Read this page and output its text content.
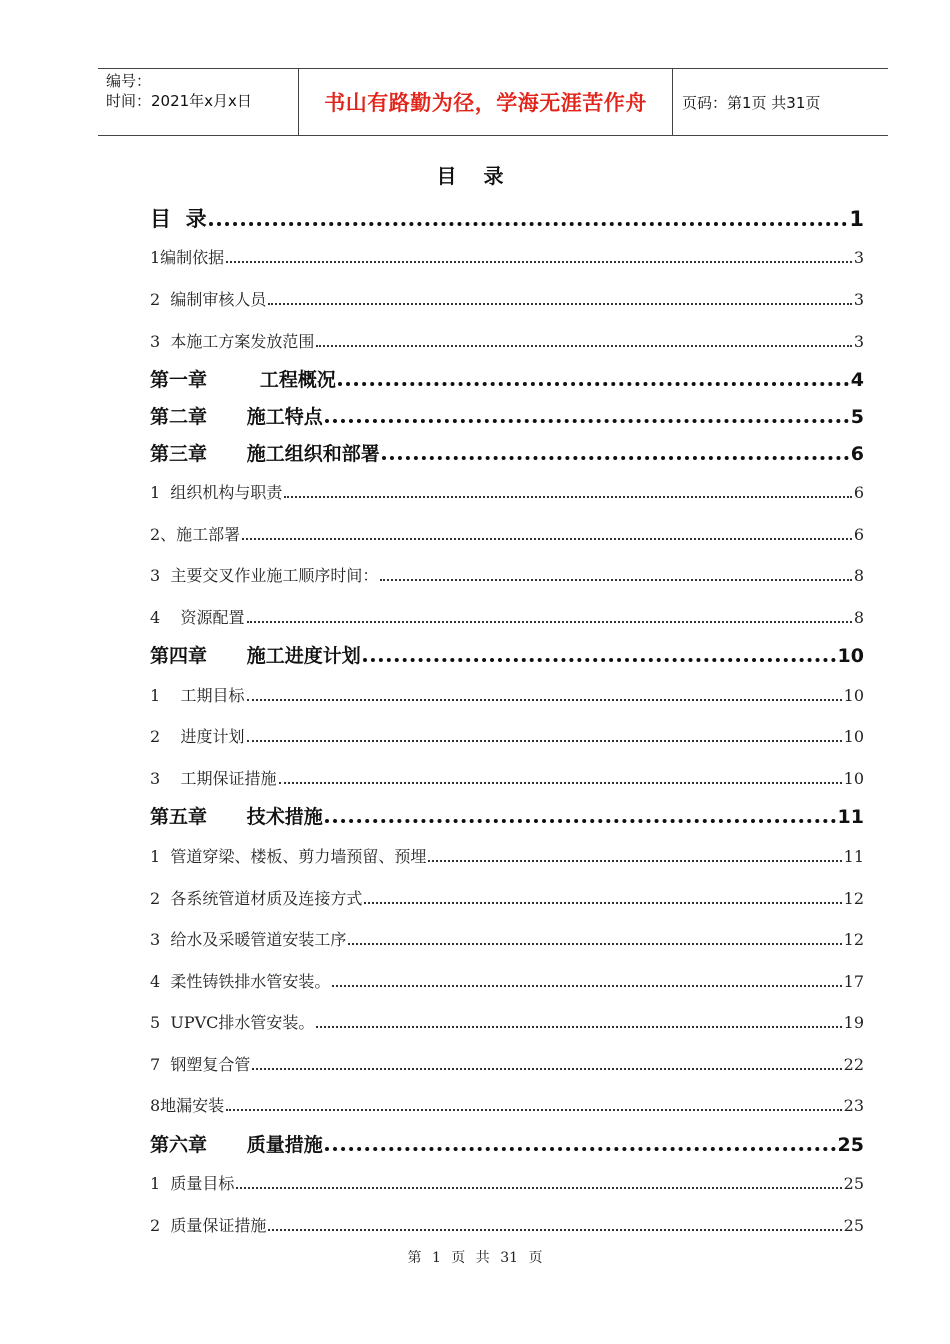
编号：
时间：2021年x月x日	书山有路勤为径，学海无涯苦作舟	页码：第1页 共31页
目 录
目  录	1
1编制依据	3
2  编制审核人员	3
3  本施工方案发放范围	3
第一章        工程概况	4
第二章      施工特点	5
第三章      施工组织和部署	6
1  组织机构与职责	6
2、施工部署	6
3  主要交叉作业施工顺序时间：	8
4    资源配置	8
第四章      施工进度计划	10
1    工期目标	10
2    进度计划	10
3    工期保证措施	10
第五章      技术措施	11
1  管道穿梁、楼板、剪力墙预留、预埋	11
2  各系统管道材质及连接方式	12
3  给水及采暖管道安装工序	12
4  柔性铸铁排水管安装。	17
5  UPVC排水管安装。	19
7  钢塑复合管	22
8地漏安装	23
第六章      质量措施	25
1  质量目标	25
2  质量保证措施	25
第 1 页 共 31 页
